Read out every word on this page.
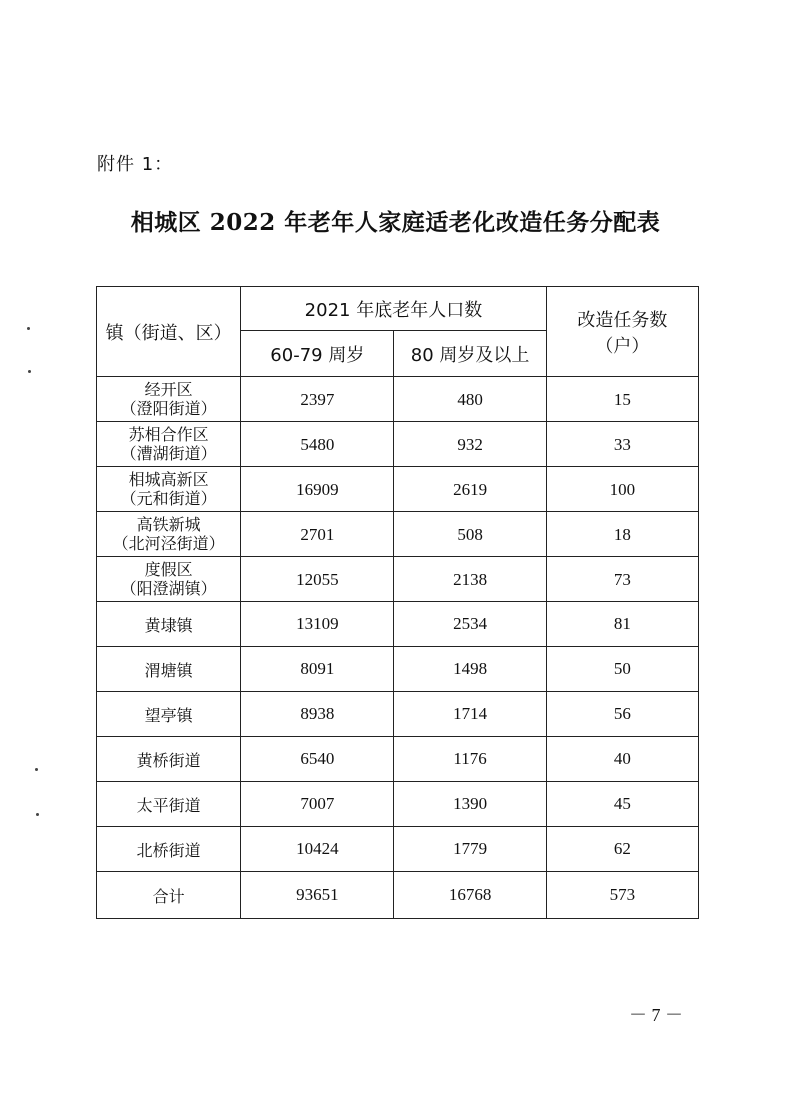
附件 1：
相城区 2022 年老年人家庭适老化改造任务分配表
镇（街道、区）	2021 年底老年人口数		改造任务数
（户）

	60-79 周岁	80 周岁及以上	

经开区
（澄阳街道）	2397	480	15

苏相合作区
（漕湖街道）	5480	932	33

相城高新区
（元和街道）	16909	2619	100

高铁新城
（北河泾街道）	2701	508	18

度假区
（阳澄湖镇）	12055	2138	73

黄埭镇	13109	2534	81

渭塘镇	8091	1498	50

望亭镇	8938	1714	56

黄桥街道	6540	1176	40

太平街道	7007	1390	45

北桥街道	10424	1779	62
合计	93651	16768	573
－ 7 －
